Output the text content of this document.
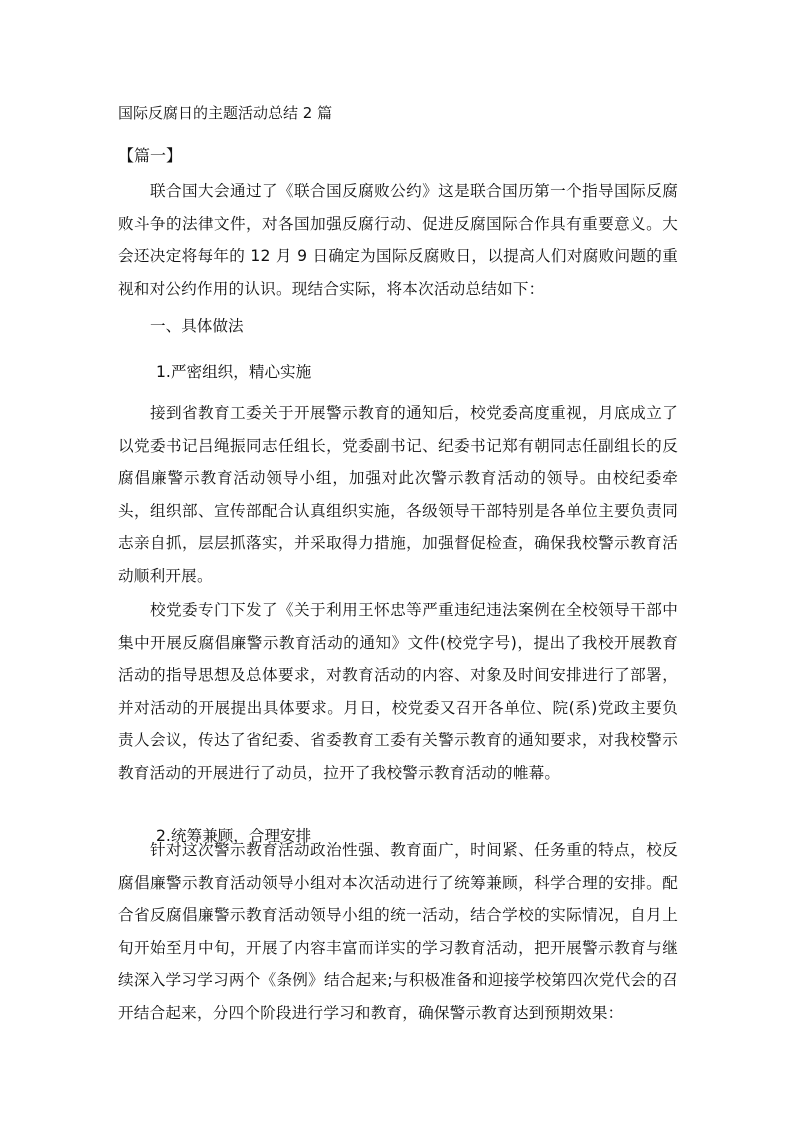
国际反腐日的主题活动总结 2 篇
【篇一】

联合国大会通过了《联合国反腐败公约》这是联合国历第一个指导国际反腐败斗争的法律文件，对各国加强反腐行动、促进反腐国际合作具有重要意义。大会还决定将每年的 12 月 9 日确定为国际反腐败日，以提高人们对腐败问题的重视和对公约作用的认识。现结合实际，将本次活动总结如下：

一、具体做法
1.严密组织，精心实施

接到省教育工委关于开展警示教育的通知后，校党委高度重视，月底成立了以党委书记吕绳振同志任组长，党委副书记、纪委书记郑有朝同志任副组长的反腐倡廉警示教育活动领导小组，加强对此次警示教育活动的领导。由校纪委牵头，组织部、宣传部配合认真组织实施，各级领导干部特别是各单位主要负责同志亲自抓，层层抓落实，并采取得力措施，加强督促检查，确保我校警示教育活动顺利开展。

校党委专门下发了《关于利用王怀忠等严重违纪违法案例在全校领导干部中集中开展反腐倡廉警示教育活动的通知》文件(校党字号)，提出了我校开展教育活动的指导思想及总体要求，对教育活动的内容、对象及时间安排进行了部署，并对活动的开展提出具体要求。月日，校党委又召开各单位、院(系)党政主要负责人会议，传达了省纪委、省委教育工委有关警示教育的通知要求，对我校警示教育活动的开展进行了动员，拉开了我校警示教育活动的帷幕。

2.统筹兼顾，合理安排

针对这次警示教育活动政治性强、教育面广，时间紧、任务重的特点，校反腐倡廉警示教育活动领导小组对本次活动进行了统筹兼顾，科学合理的安排。配合省反腐倡廉警示教育活动领导小组的统一活动，结合学校的实际情况，自月上旬开始至月中旬，开展了内容丰富而详实的学习教育活动，把开展警示教育与继续深入学习学习两个《条例》结合起来;与积极准备和迎接学校第四次党代会的召开结合起来，分四个阶段进行学习和教育，确保警示教育达到预期效果：
